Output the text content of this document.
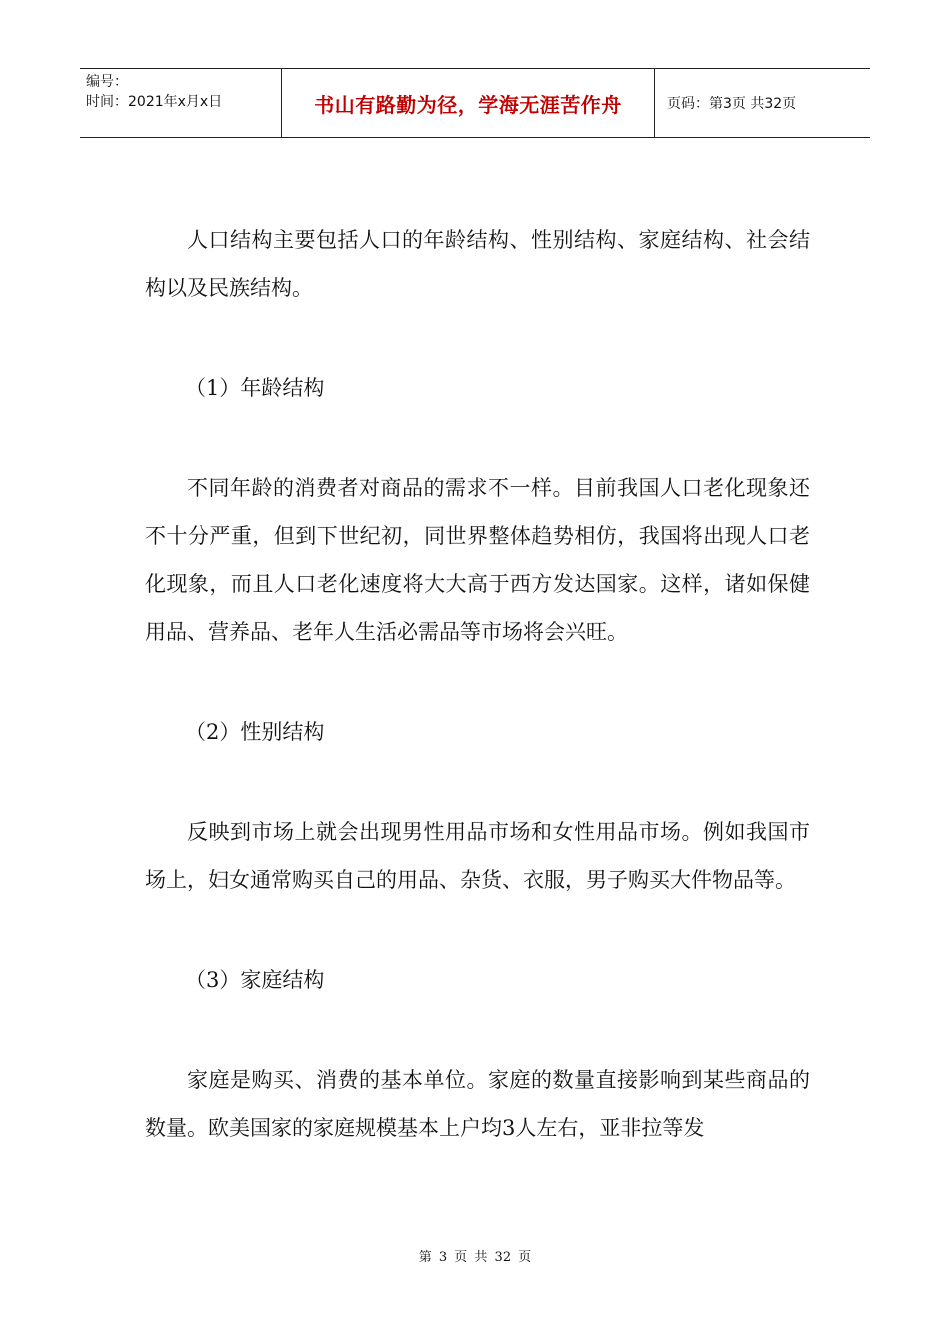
编号：
时间：2021年x月x日	书山有路勤为径，学海无涯苦作舟	页码：第3页 共32页

人口结构主要包括人口的年龄结构、性别结构、家庭结构、社会结构以及民族结构。

（1）年龄结构

不同年龄的消费者对商品的需求不一样。目前我国人口老化现象还不十分严重，但到下世纪初，同世界整体趋势相仿，我国将出现人口老化现象，而且人口老化速度将大大高于西方发达国家。这样，诸如保健用品、营养品、老年人生活必需品等市场将会兴旺。

（2）性别结构

反映到市场上就会出现男性用品市场和女性用品市场。例如我国市场上，妇女通常购买自己的用品、杂货、衣服，男子购买大件物品等。

（3）家庭结构

家庭是购买、消费的基本单位。家庭的数量直接影响到某些商品的数量。欧美国家的家庭规模基本上户均3人左右，亚非拉等发

第 3 页 共 32 页
